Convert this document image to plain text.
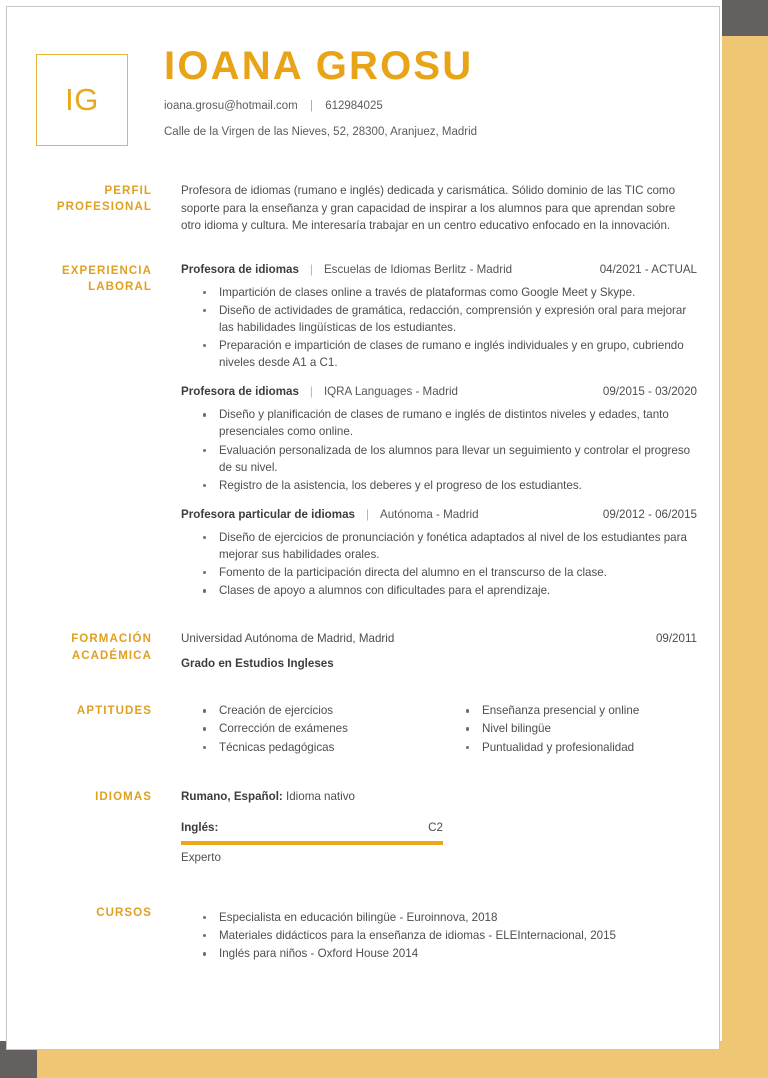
IG
IOANA GROSU
ioana.grosu@hotmail.com | 612984025
Calle de la Virgen de las Nieves, 52, 28300, Aranjuez, Madrid
PERFIL
PROFESIONAL
Profesora de idiomas (rumano e inglés) dedicada y carismática. Sólido dominio de las TIC como soporte para la enseñanza y gran capacidad de inspirar a los alumnos para que aprendan sobre otro idioma y cultura. Me interesaría trabajar en un centro educativo enfocado en la innovación.
EXPERIENCIA
LABORAL
Profesora de idiomas | Escuelas de Idiomas Berlitz - Madrid	04/2021 - ACTUAL
Impartición de clases online a través de plataformas como Google Meet y Skype.
Diseño de actividades de gramática, redacción, comprensión y expresión oral para mejorar las habilidades lingüísticas de los estudiantes.
Preparación e impartición de clases de rumano e inglés individuales y en grupo, cubriendo niveles desde A1 a C1.
Profesora de idiomas | IQRA Languages - Madrid	09/2015 - 03/2020
Diseño y planificación de clases de rumano e inglés de distintos niveles y edades, tanto presenciales como online.
Evaluación personalizada de los alumnos para llevar un seguimiento y controlar el progreso de su nivel.
Registro de la asistencia, los deberes y el progreso de los estudiantes.
Profesora particular de idiomas | Autónoma - Madrid	09/2012 - 06/2015
Diseño de ejercicios de pronunciación y fonética adaptados al nivel de los estudiantes para mejorar sus habilidades orales.
Fomento de la participación directa del alumno en el transcurso de la clase.
Clases de apoyo a alumnos con dificultades para el aprendizaje.
FORMACIÓN
ACADÉMICA
Universidad Autónoma de Madrid, Madrid	09/2011
Grado en Estudios Ingleses
APTITUDES	Creación de ejercicios
Corrección de exámenes
Técnicas pedagógicas
Enseñanza presencial y online
Nivel bilingüe
Puntualidad y profesionalidad
IDIOMAS	Rumano, Español: Idioma nativo
Inglés:	C2
Experto
CURSOS	Especialista en educación bilingüe - Euroinnova, 2018
Materiales didácticos para la enseñanza de idiomas - ELEInternacional, 2015
Inglés para niños - Oxford House 2014
